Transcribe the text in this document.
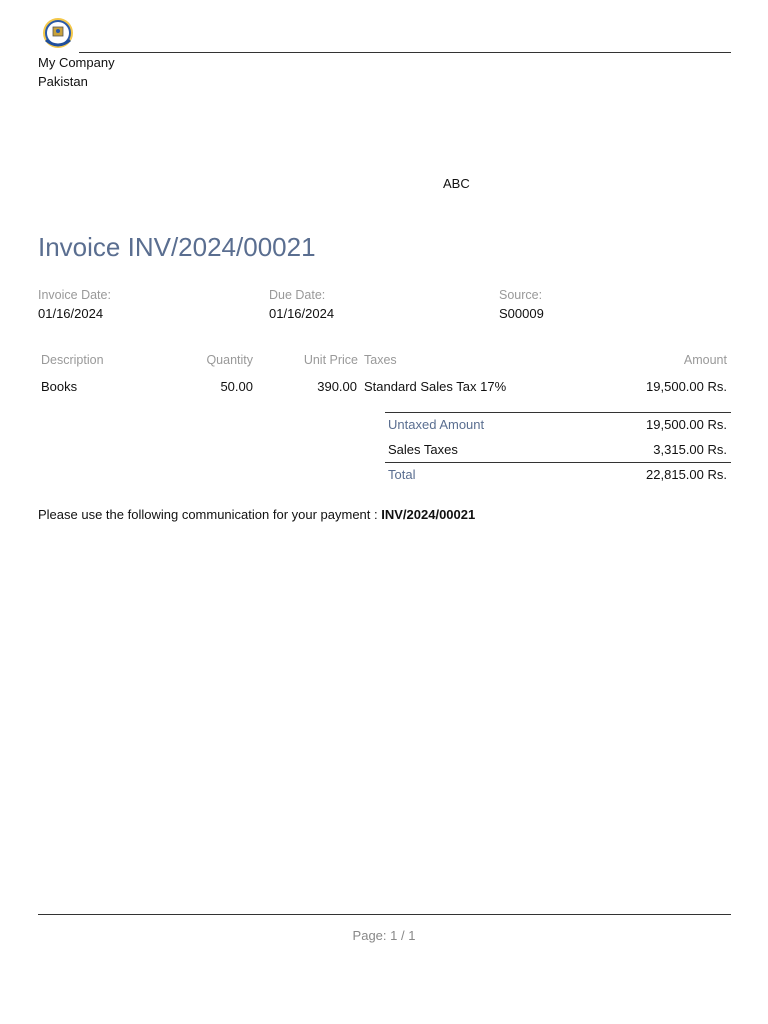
My Company
Pakistan
ABC
Invoice INV/2024/00021
Invoice Date:
01/16/2024
Due Date:
01/16/2024
Source:
S00009
Description	Quantity	Unit Price Taxes	Amount
Books	50.00	390.00 Standard Sales Tax 17%	19,500.00 Rs.
Untaxed Amount	19,500.00 Rs.
Sales Taxes	3,315.00 Rs.
Total	22,815.00 Rs.
Please use the following communication for your payment : INV/2024/00021
Page: 1 / 1
